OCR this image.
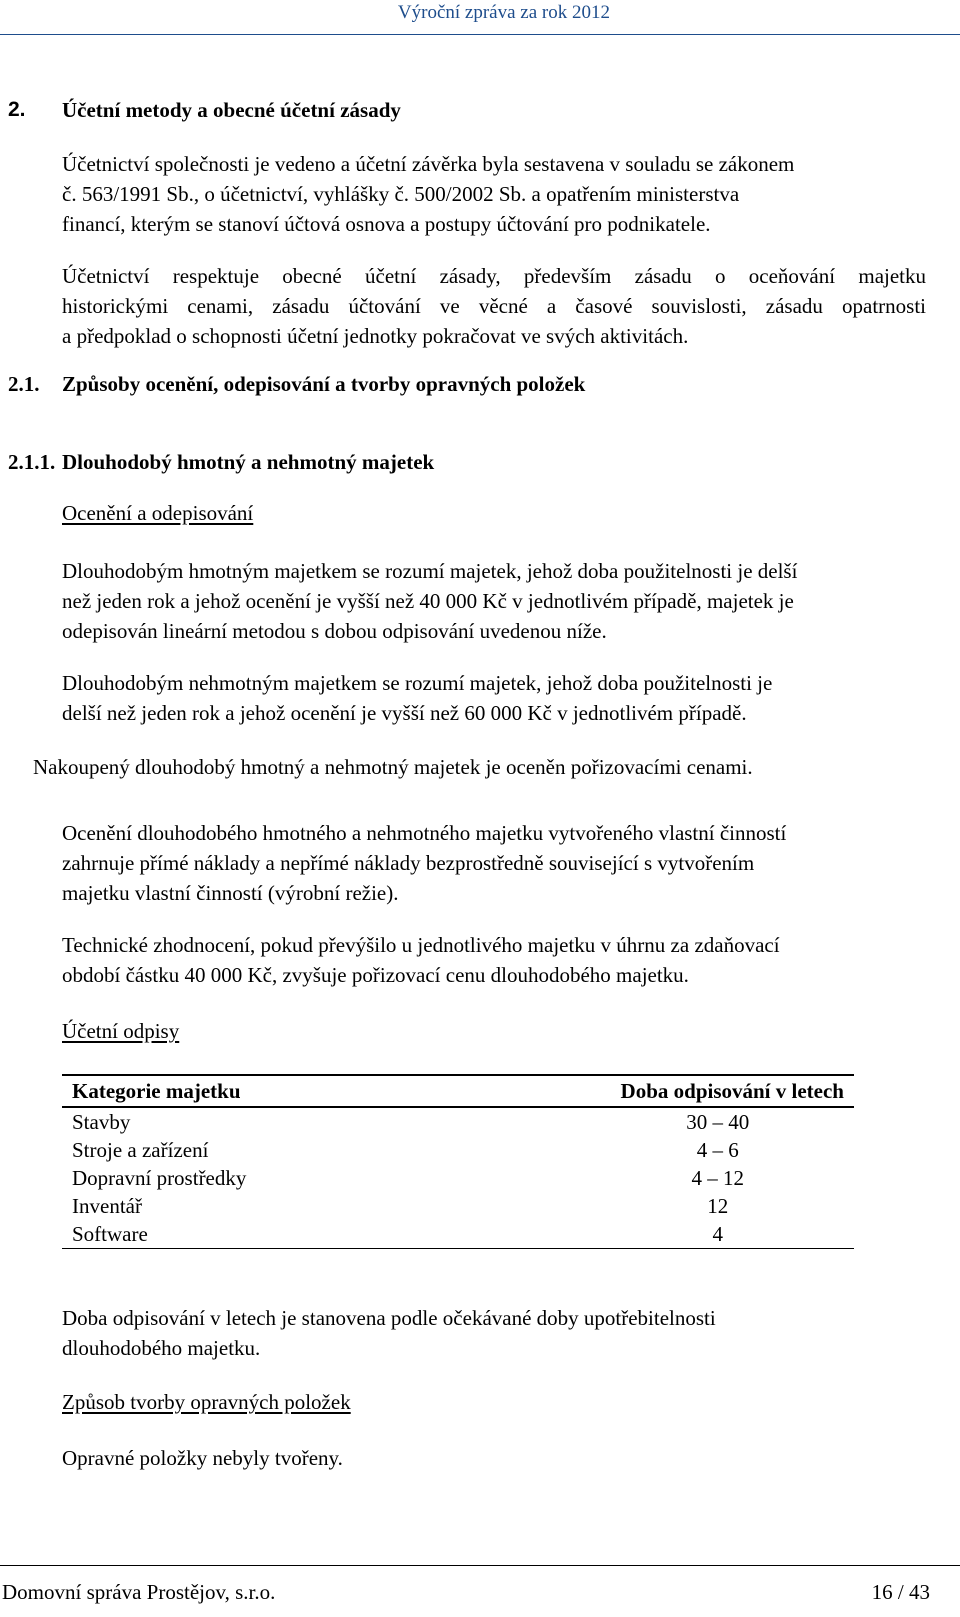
Výroční zpráva za rok 2012
2. Účetní metody a obecné účetní zásady
Účetnictví společnosti je vedeno a účetní závěrka byla sestavena v souladu se zákonem
č. 563/1991 Sb., o účetnictví, vyhlášky č. 500/2002 Sb. a opatřením ministerstva
financí, kterým se stanoví účtová osnova a postupy účtování pro podnikatele.
Účetnictví respektuje obecné účetní zásady, především zásadu o oceňování majetku
historickými cenami, zásadu účtování ve věcné a časové souvislosti, zásadu opatrnosti
a předpoklad o schopnosti účetní jednotky pokračovat ve svých aktivitách.
2.1. Způsoby ocenění, odepisování a tvorby opravných položek
2.1.1. Dlouhodobý hmotný a nehmotný majetek
Ocenění a odepisování
Dlouhodobým hmotným majetkem se rozumí majetek, jehož doba použitelnosti je delší
než jeden rok a jehož ocenění je vyšší než 40 000 Kč v jednotlivém případě, majetek je
odepisován lineární metodou s dobou odpisování uvedenou níže.
Dlouhodobým nehmotným majetkem se rozumí majetek, jehož doba použitelnosti je
delší než jeden rok a jehož ocenění je vyšší než 60 000 Kč v jednotlivém případě.
Nakoupený dlouhodobý hmotný a nehmotný majetek je oceněn pořizovacími cenami.
Ocenění dlouhodobého hmotného a nehmotného majetku vytvořeného vlastní činností
zahrnuje přímé náklady a nepřímé náklady bezprostředně související s vytvořením
majetku vlastní činností (výrobní režie).
Technické zhodnocení, pokud převýšilo u jednotlivého majetku v úhrnu za zdaňovací
období částku 40 000 Kč, zvyšuje pořizovací cenu dlouhodobého majetku.
Účetní odpisy
Kategorie majetku	Doba odpisování v letech
Stavby	30 – 40
Stroje a zařízení	4 – 6
Dopravní prostředky	4 – 12
Inventář	12
Software	4
Doba odpisování v letech je stanovena podle očekávané doby upotřebitelnosti
dlouhodobého majetku.
Způsob tvorby opravných položek
Opravné položky nebyly tvořeny.
Domovní správa Prostějov, s.r.o.	16 / 43
